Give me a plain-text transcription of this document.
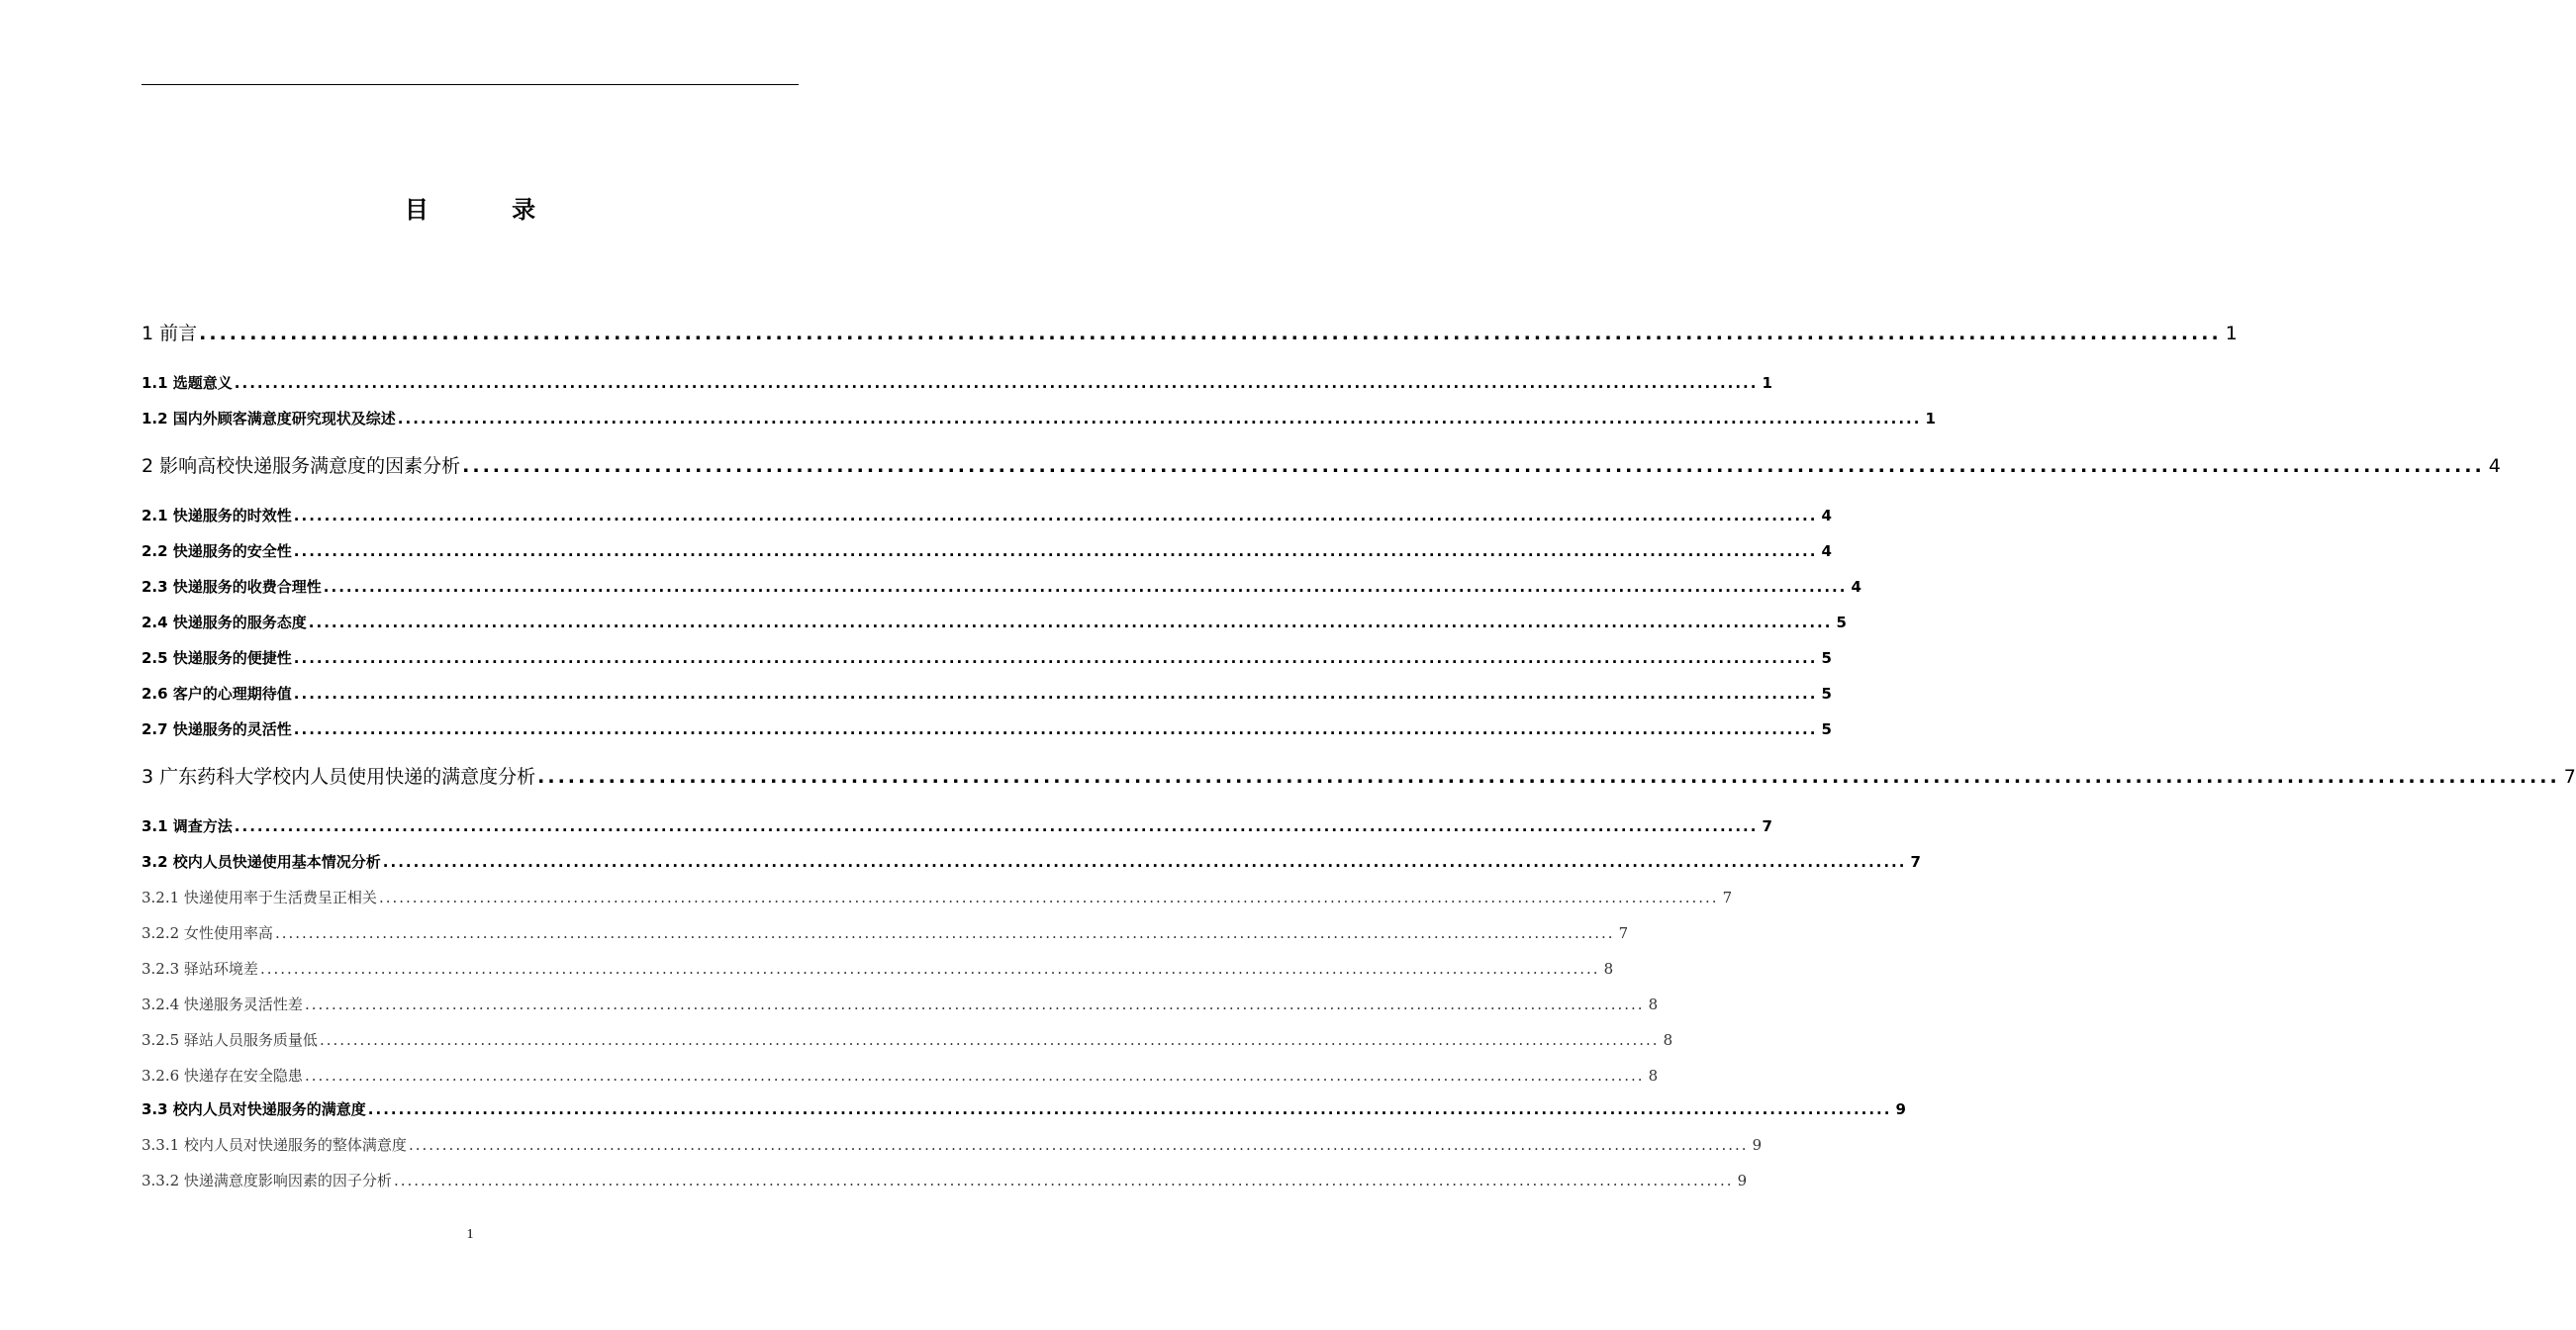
目 录
1 前言 ........................................................................................................................................................................................................ 1
1.1 选题意义 ........................................................................................................................................................................................................ 1
1.2 国内外顾客满意度研究现状及综述 ........................................................................................................................................................................................................ 1
2 影响高校快递服务满意度的因素分析 ........................................................................................................................................................................................................ 4
2.1 快递服务的时效性 ........................................................................................................................................................................................................ 4
2.2 快递服务的安全性 ........................................................................................................................................................................................................ 4
2.3 快递服务的收费合理性 ........................................................................................................................................................................................................ 4
2.4 快递服务的服务态度 ........................................................................................................................................................................................................ 5
2.5 快递服务的便捷性 ........................................................................................................................................................................................................ 5
2.6 客户的心理期待值 ........................................................................................................................................................................................................ 5
2.7 快递服务的灵活性 ........................................................................................................................................................................................................ 5
3 广东药科大学校内人员使用快递的满意度分析 ........................................................................................................................................................................................................ 7
3.1 调查方法 ........................................................................................................................................................................................................ 7
3.2 校内人员快递使用基本情况分析 ........................................................................................................................................................................................................ 7
3.2.1 快递使用率于生活费呈正相关 ........................................................................................................................................................................................................ 7
3.2.2 女性使用率高 ........................................................................................................................................................................................................ 7
3.2.3 驿站环境差 ........................................................................................................................................................................................................ 8
3.2.4 快递服务灵活性差 ........................................................................................................................................................................................................ 8
3.2.5 驿站人员服务质量低 ........................................................................................................................................................................................................ 8
3.2.6 快递存在安全隐患 ........................................................................................................................................................................................................ 8
3.3 校内人员对快递服务的满意度 ........................................................................................................................................................................................................ 9
3.3.1 校内人员对快递服务的整体满意度 ........................................................................................................................................................................................................ 9
3.3.2 快递满意度影响因素的因子分析 ........................................................................................................................................................................................................ 9
1
